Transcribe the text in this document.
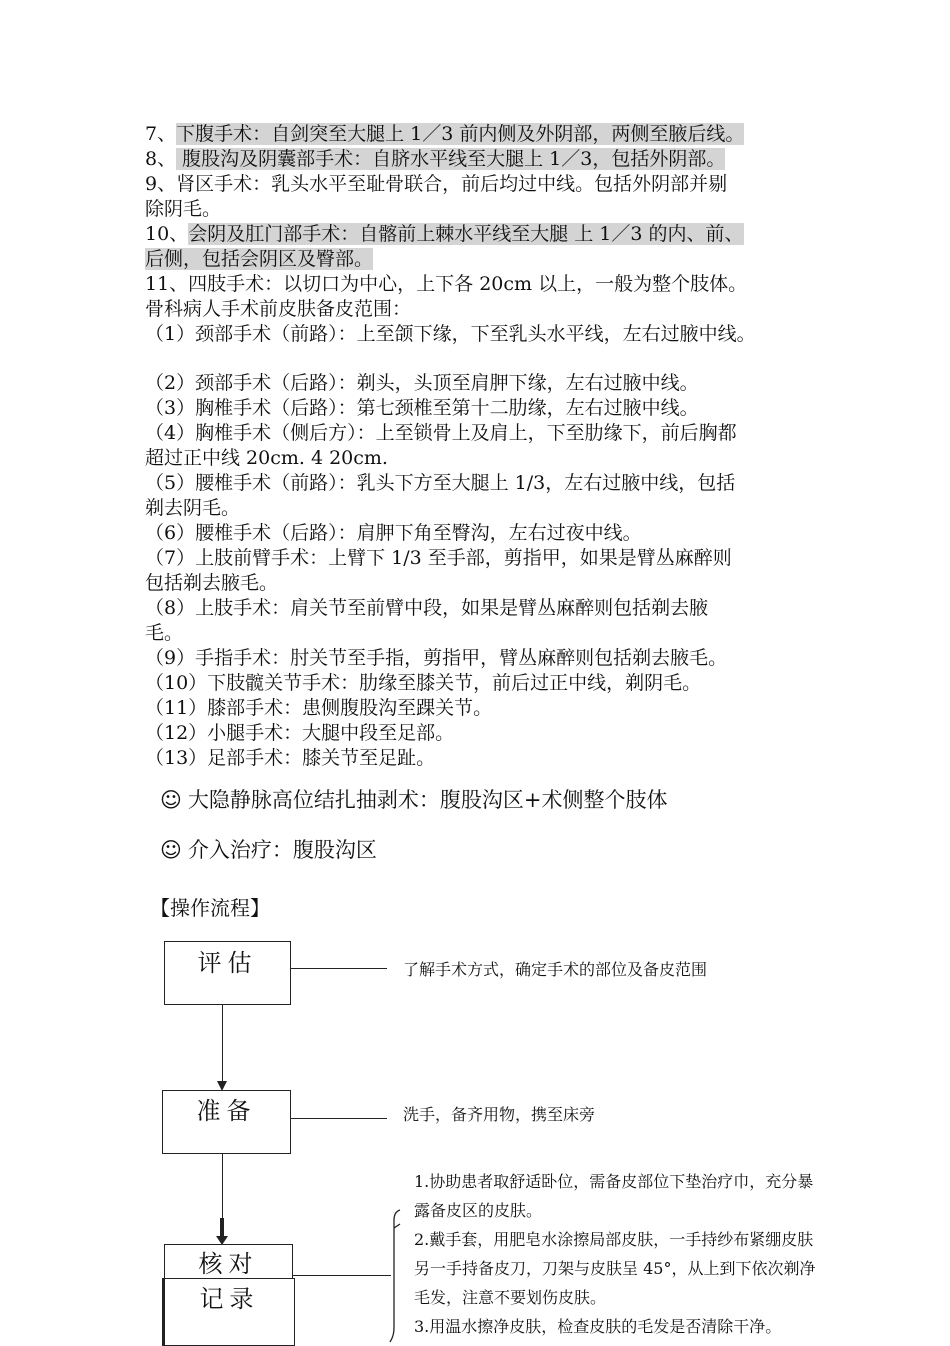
7、下腹手术：自剑突至大腿上 1／3 前内侧及外阴部，两侧至腋后线。
8、 腹股沟及阴囊部手术：自脐水平线至大腿上 1／3，包括外阴部。
9、肾区手术：乳头水平至耻骨联合，前后均过中线。包括外阴部并剔
除阴毛。
10、会阴及肛门部手术：自髂前上棘水平线至大腿 上 1／3 的内、前、
后侧，包括会阴区及臀部。
11、四肢手术：以切口为中心，上下各 20cm 以上，一般为整个肢体。
骨科病人手术前皮肤备皮范围：
（1）颈部手术（前路）：上至颌下缘，下至乳头水平线，左右过腋中线。
（2）颈部手术（后路）：剃头，头顶至肩胛下缘，左右过腋中线。
（3）胸椎手术（后路）：第七颈椎至第十二肋缘，左右过腋中线。
（4）胸椎手术（侧后方）：上至锁骨上及肩上，下至肋缘下，前后胸都
超过正中线 20cm. 4 20cm.
（5）腰椎手术（前路）：乳头下方至大腿上 1/3，左右过腋中线，包括
剃去阴毛。
（6）腰椎手术（后路）：肩胛下角至臀沟，左右过夜中线。
（7）上肢前臂手术：上臂下 1/3 至手部，剪指甲，如果是臂丛麻醉则
包括剃去腋毛。
（8）上肢手术：肩关节至前臂中段，如果是臂丛麻醉则包括剃去腋
毛。
（9）手指手术：肘关节至手指，剪指甲，臂丛麻醉则包括剃去腋毛。
（10）下肢髋关节手术：肋缘至膝关节，前后过正中线，剃阴毛。
（11）膝部手术：患侧腹股沟至踝关节。
（12）小腿手术：大腿中段至足部。
（13）足部手术：膝关节至足趾。
☺ 大隐静脉高位结扎抽剥术：腹股沟区+术侧整个肢体
☺ 介入治疗：腹股沟区
【操作流程】
评估	了解手术方式，确定手术的部位及备皮范围
准备	洗手，备齐用物，携至床旁
核对
记录
1.协助患者取舒适卧位，需备皮部位下垫治疗巾，充分暴
露备皮区的皮肤。
2.戴手套，用肥皂水涂擦局部皮肤，一手持纱布紧绷皮肤
另一手持备皮刀，刀架与皮肤呈 45°，从上到下依次剃净
毛发，注意不要划伤皮肤。
3.用温水擦净皮肤，检查皮肤的毛发是否清除干净。
